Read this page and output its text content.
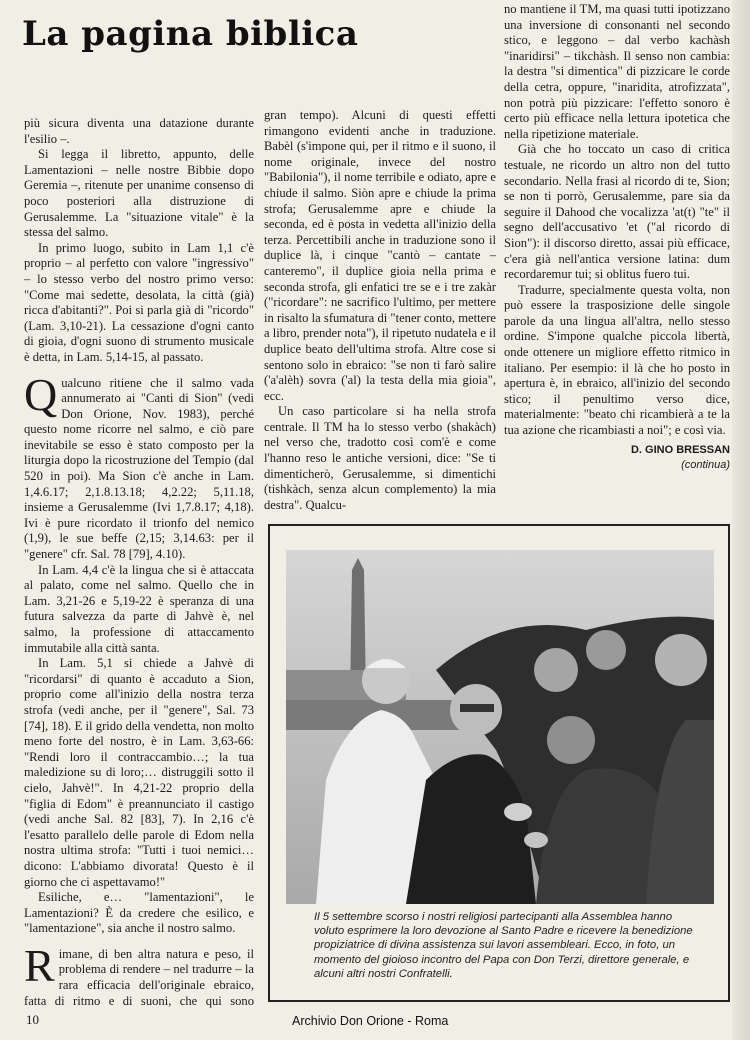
La pagina biblica

più sicura diventa una datazione durante l'esilio –.

Si legga il libretto, appunto, delle Lamentazioni – nelle nostre Bibbie dopo Geremia –, ritenute per unanime consenso di poco posteriori alla distruzione di Gerusalemme. La "situazione vitale" è la stessa del salmo.

In primo luogo, subito in Lam 1,1 c'è proprio – al perfetto con valore "ingressivo" – lo stesso verbo del nostro primo verso: "Come mai sedette, desolata, la città (già) ricca d'abitanti?". Poi si parla già di "ricordo" (Lam. 3,10-21). La cessazione d'ogni canto di gioia, d'ogni suono di strumento musicale è detta, in Lam. 5,14-15, al passato.

Qualcuno ritiene che il salmo vada annumerato ai "Canti di Sion" (vedi Don Orione, Nov. 1983), perché questo nome ricorre nel salmo, e ciò pare inevitabile se esso è stato composto per la liturgia dopo la ricostruzione del Tempio (dal 520 in poi). Ma Sion c'è anche in Lam. 1,4.6.17; 2,1.8.13.18; 4,2.22; 5,11.18, insieme a Gerusalemme (Ivi 1,7.8.17; 4,18). Ivi è pure ricordato il trionfo del nemico (1,9), le sue beffe (2,15; 3,14.63: per il "genere" cfr. Sal. 78 [79], 4.10).

In Lam. 4,4 c'è la lingua che si è attaccata al palato, come nel salmo. Quello che in Lam. 3,21-26 e 5,19-22 è speranza di una futura salvezza da parte di Jahvè è, nel salmo, la professione di attaccamento immutabile alla città santa.

In Lam. 5,1 si chiede a Jahvè di "ricordarsi" di quanto è accaduto a Sion, proprio come all'inizio della nostra terza strofa (vedi anche, per il "genere", Sal. 73 [74], 18). E il grido della vendetta, non molto meno forte del nostro, è in Lam. 3,63-66: "Rendi loro il contraccambio…; la tua maledizione su di loro;… distruggili sotto il cielo, Jahvè!". In 4,21-22 proprio della "figlia di Edom" è preannunciato il castigo (vedi anche Sal. 82 [83], 7). In 2,16 c'è l'esatto parallelo delle parole di Edom nella nostra ultima strofa: "Tutti i tuoi nemici… dicono: L'abbiamo divorata! Questo è il giorno che ci aspettavamo!"

Esiliche, e… "lamentazioni", le Lamentazioni? È da credere che esilico, e "lamentazione", sia anche il nostro salmo.

Rimane, di ben altra natura e peso, il problema di rendere – nel tradurre – la rara efficacia dell'originale ebraico, fatta di ritmo e di suoni, che qui sono

gran tempo). Alcuni di questi effetti rimangono evidenti anche in traduzione. Babèl (s'impone qui, per il ritmo e il suono, il nome originale, invece del nostro "Babilonia"), il nome terribile e odiato, apre e chiude il salmo. Siòn apre e chiude la prima strofa; Gerusalemme apre e chiude la seconda, ed è posta in vedetta all'inizio della terza. Percettibili anche in traduzione sono il duplice là, i cinque "cantò – cantate – canteremo", il duplice gioia nella prima e seconda strofa, gli enfatici tre se e i tre zakàr ("ricordare": ne sacrifico l'ultimo, per mettere in risalto la sfumatura di "tener conto, mettere a libro, prender nota"), il ripetuto nudatela e il duplice beato dell'ultima strofa. Altre cose si sentono solo in ebraico: "se non ti farò salire ('a'alèh) sovra ('al) la testa della mia gioia", ecc.

Un caso particolare si ha nella strofa centrale. Il TM ha lo stesso verbo (shakàch) nel verso che, tradotto così com'è e come l'hanno reso le antiche versioni, dice: "Se ti dimenticherò, Gerusalemme, si dimentichi (tishkàch, senza alcun complemento) la mia destra". Qualcu-

no mantiene il TM, ma quasi tutti ipotizzano una inversione di consonanti nel secondo stico, e leggono – dal verbo kachàsh "inaridirsi" – tikchàsh. Il senso non cambia: la destra "si dimentica" di pizzicare le corde della cetra, oppure, "inaridita, atrofizzata", non potrà più pizzicare: l'effetto sonoro è certo più efficace nella lettura ipotetica che nella ripetizione materiale.

Già che ho toccato un caso di critica testuale, ne ricordo un altro non del tutto secondario. Nella frasi al ricordo di te, Sion; se non ti porrò, Gerusalemme, pare sia da seguire il Dahood che vocalizza 'at(t) "te" il segno dell'accusativo 'et ("al ricordo di Sion"): il discorso diretto, assai più efficace, c'era già nell'antica versione latina: dum recordaremur tui; si oblitus fuero tui.

Tradurre, specialmente questa volta, non può essere la trasposizione delle singole parole da una lingua all'altra, nello stesso ordine. S'impone qualche piccola libertà, onde ottenere un migliore effetto ritmico in italiano. Per esempio: il là che ho posto in apertura è, in ebraico, all'inizio del secondo stico; il penultimo verso dice, materialmente: "beato chi ricambierà a te la tua azione che ricambiasti a noi"; e così via.

D. GINO BRESSAN

(continua)

Il 5 settembre scorso i nostri religiosi partecipanti alla Assemblea hanno voluto esprimere la loro devozione al Santo Padre e ricevere la benedizione propiziatrice di divina assistenza sui lavori assembleari. Ecco, in foto, un momento del gioioso incontro del Papa con Don Terzi, direttore generale, e alcuni altri nostri Confratelli.

10	Archivio Don Orione - Roma
